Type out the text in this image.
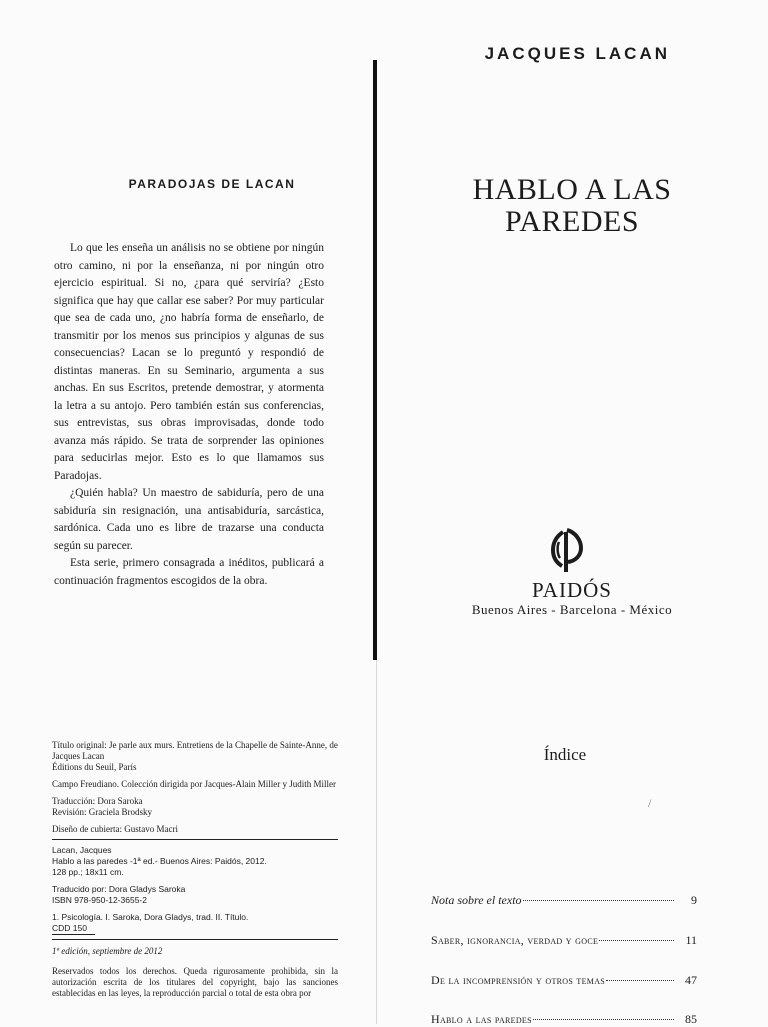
PARADOJAS DE LACAN

Lo que les enseña un análisis no se obtiene por ningún otro camino, ni por la enseñanza, ni por ningún otro ejercicio espiritual. Si no, ¿para qué serviría? ¿Esto significa que hay que callar ese saber? Por muy particular que sea de cada uno, ¿no habría forma de enseñarlo, de transmitir por los menos sus principios y algunas de sus consecuencias? Lacan se lo preguntó y respondió de distintas maneras. En su Seminario, argumenta a sus anchas. En sus Escritos, pretende demostrar, y atormenta la letra a su antojo. Pero también están sus conferencias, sus entrevistas, sus obras improvisadas, donde todo avanza más rápido. Se trata de sorprender las opiniones para seducirlas mejor. Esto es lo que llamamos sus Paradojas.

¿Quién habla? Un maestro de sabiduría, pero de una sabiduría sin resignación, una antisabiduría, sarcástica, sardónica. Cada uno es libre de trazarse una conducta según su parecer.

Esta serie, primero consagrada a inéditos, publicará a continuación fragmentos escogidos de la obra.

Título original: Je parle aux murs. Entretiens de la Chapelle de Sainte-Anne, de Jacques Lacan
Éditions du Seuil, París
Campo Freudiano. Colección dirigida por Jacques-Alain Miller y Judith Miller
Traducción: Dora Saroka
Revisión: Graciela Brodsky
Diseño de cubierta: Gustavo Macri
Lacan, Jacques
Hablo a las paredes -1ª ed.- Buenos Aires: Paidós, 2012.
128 pp.; 18x11 cm.
Traducido por: Dora Gladys Saroka
ISBN 978-950-12-3655-2
1. Psicología. I. Saroka, Dora Gladys, trad. II. Título.
CDD 150
1ª edición, septiembre de 2012
Reservados todos los derechos. Queda rigurosamente prohibida, sin la autorización escrita de los titulares del copyright, bajo las sanciones establecidas en las leyes, la reproducción parcial o total de esta obra por
JACQUES LACAN
HABLO A LAS
PAREDES
PAIDÓS
Buenos Aires - Barcelona - México
Índice
/
Nota sobre el texto	9
Saber, ignorancia, verdad y goce	11
De la incomprensión y otros temas	47
Hablo a las paredes	85
